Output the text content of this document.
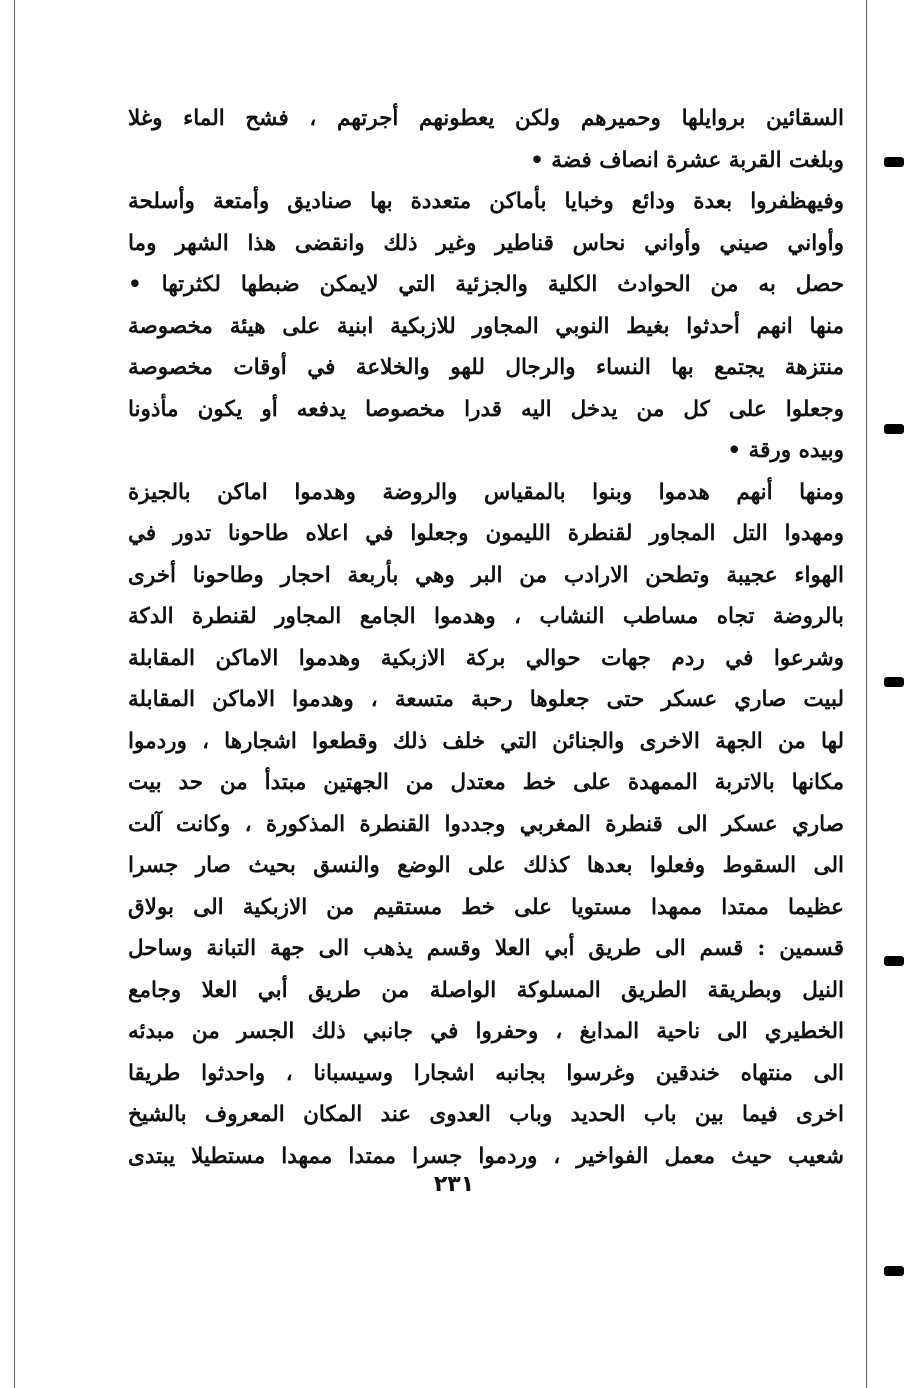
السقائين بروايلها وحميرهم ولكن يعطونهم أجرتهم ، فشح الماء وغلا
وبلغت القربة عشرة انصاف فضة •
وفيهظفروا بعدة ودائع وخبايا بأماكن متعددة بها صناديق وأمتعة وأسلحة
وأواني صيني وأواني نحاس قناطير وغير ذلك وانقضى هذا الشهر وما
حصل به من الحوادث الكلية والجزئية التي لايمكن ضبطها لكثرتها •
منها انهم أحدثوا بغيط النوبي المجاور للازبكية ابنية على هيئة مخصوصة
منتزهة يجتمع بها النساء والرجال للهو والخلاعة في أوقات مخصوصة
وجعلوا على كل من يدخل اليه قدرا مخصوصا يدفعه أو يكون مأذونا
وبيده ورقة •
ومنها أنهم هدموا وبنوا بالمقياس والروضة وهدموا اماكن بالجيزة
ومهدوا التل المجاور لقنطرة الليمون وجعلوا في اعلاه طاحونا تدور في
الهواء عجيبة وتطحن الارادب من البر وهي بأربعة احجار وطاحونا أخرى
بالروضة تجاه مساطب النشاب ، وهدموا الجامع المجاور لقنطرة الدكة
وشرعوا في ردم جهات حوالي بركة الازبكية وهدموا الاماكن المقابلة
لبيت صاري عسكر حتى جعلوها رحبة متسعة ، وهدموا الاماكن المقابلة
لها من الجهة الاخرى والجنائن التي خلف ذلك وقطعوا اشجارها ، وردموا
مكانها بالاتربة الممهدة على خط معتدل من الجهتين مبتدأ من حد بيت
صاري عسكر الى قنطرة المغربي وجددوا القنطرة المذكورة ، وكانت آلت
الى السقوط وفعلوا بعدها كذلك على الوضع والنسق بحيث صار جسرا
عظيما ممتدا ممهدا مستويا على خط مستقيم من الازبكية الى بولاق
قسمين : قسم الى طريق أبي العلا وقسم يذهب الى جهة التبانة وساحل
النيل وبطريقة الطريق المسلوكة الواصلة من طريق أبي العلا وجامع
الخطيري الى ناحية المدابغ ، وحفروا في جانبي ذلك الجسر من مبدئه
الى منتهاه خندقين وغرسوا بجانبه اشجارا وسيسبانا ، واحدثوا طريقا
اخرى فيما بين باب الحديد وباب العدوى عند المكان المعروف بالشيخ
شعيب حيث معمل الفواخير ، وردموا جسرا ممتدا ممهدا مستطيلا يبتدى
٢٣١
